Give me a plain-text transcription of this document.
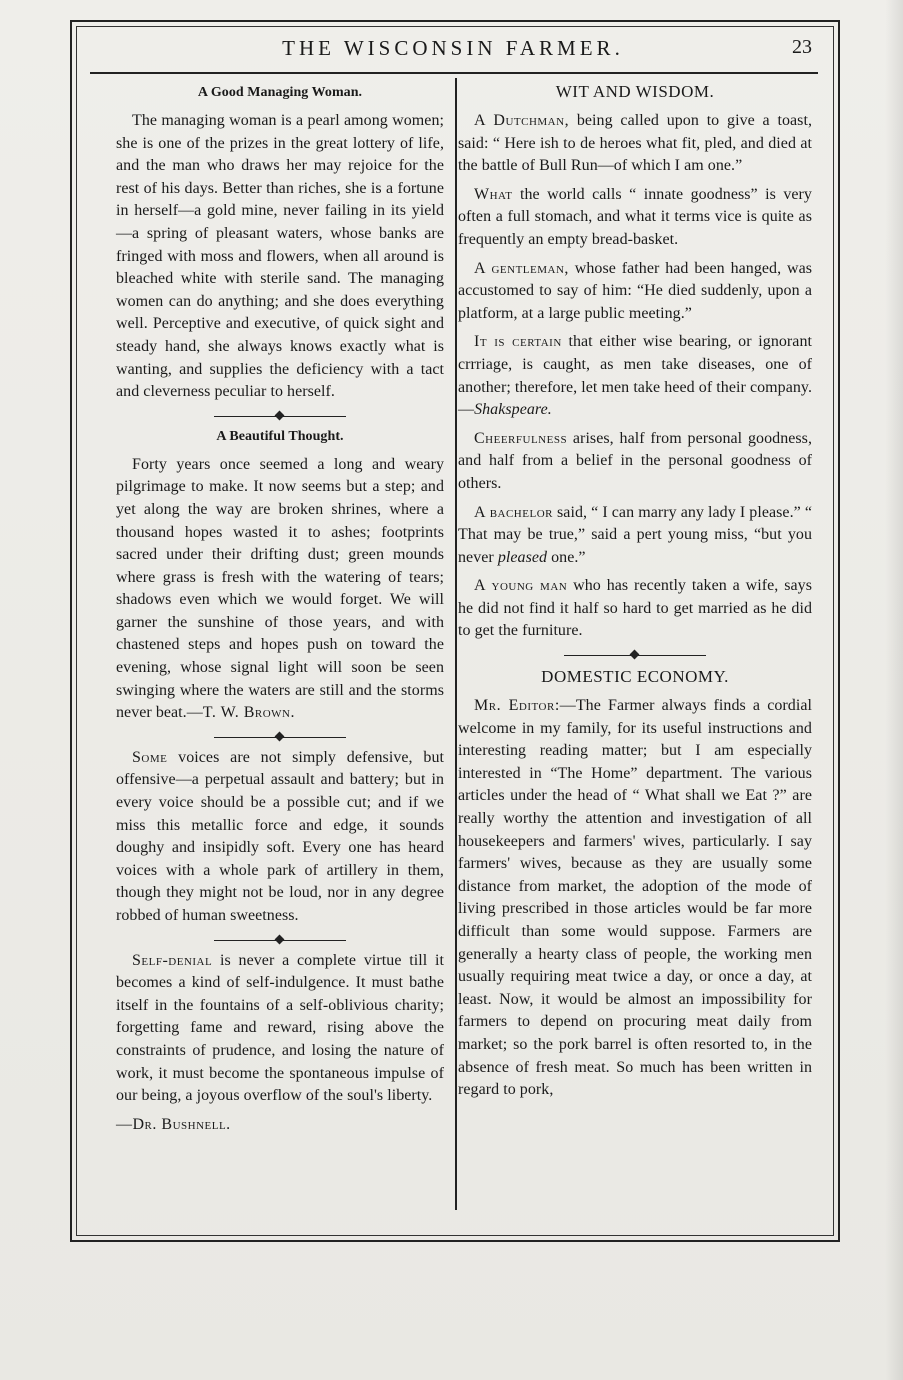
THE WISCONSIN FARMER.	23
A Good Managing Woman.

The managing woman is a pearl among women; she is one of the prizes in the great lottery of life, and the man who draws her may rejoice for the rest of his days. Better than riches, she is a fortune in herself—a gold mine, never failing in its yield—a spring of pleasant waters, whose banks are fringed with moss and flowers, when all around is bleached white with sterile sand. The managing women can do anything; and she does everything well. Perceptive and executive, of quick sight and steady hand, she always knows exactly what is wanting, and supplies the deficiency with a tact and cleverness peculiar to herself.

A Beautiful Thought.

Forty years once seemed a long and weary pilgrimage to make. It now seems but a step; and yet along the way are broken shrines, where a thousand hopes wasted it to ashes; footprints sacred under their drifting dust; green mounds where grass is fresh with the watering of tears; shadows even which we would forget. We will garner the sunshine of those years, and with chastened steps and hopes push on toward the evening, whose signal light will soon be seen swinging where the waters are still and the storms never beat.—T. W. Brown.

Some voices are not simply defensive, but offensive—a perpetual assault and battery; but in every voice should be a possible cut; and if we miss this metallic force and edge, it sounds doughy and insipidly soft. Every one has heard voices with a whole park of artillery in them, though they might not be loud, nor in any degree robbed of human sweetness.

Self-denial is never a complete virtue till it becomes a kind of self-indulgence. It must bathe itself in the fountains of a self-oblivious charity; forgetting fame and reward, rising above the constraints of prudence, and losing the nature of work, it must become the spontaneous impulse of our being, a joyous overflow of the soul's liberty.

—Dr. Bushnell.

WIT AND WISDOM.

A Dutchman, being called upon to give a toast, said: “ Here ish to de heroes what fit, pled, and died at the battle of Bull Run—of which I am one.”

What the world calls “ innate goodness” is very often a full stomach, and what it terms vice is quite as frequently an empty bread-basket.

A gentleman, whose father had been hanged, was accustomed to say of him: “He died suddenly, upon a platform, at a large public meeting.”

It is certain that either wise bearing, or ignorant crrriage, is caught, as men take diseases, one of another; therefore, let men take heed of their company.—Shakspeare.

Cheerfulness arises, half from personal goodness, and half from a belief in the personal goodness of others.

A bachelor said, “ I can marry any lady I please.” “ That may be true,” said a pert young miss, “but you never pleased one.”

A young man who has recently taken a wife, says he did not find it half so hard to get married as he did to get the furniture.

DOMESTIC ECONOMY.

Mr. Editor:—The Farmer always finds a cordial welcome in my family, for its useful instructions and interesting reading matter; but I am especially interested in “The Home” department. The various articles under the head of “ What shall we Eat ?” are really worthy the attention and investigation of all housekeepers and farmers' wives, particularly. I say farmers' wives, because as they are usually some distance from market, the adoption of the mode of living prescribed in those articles would be far more difficult than some would suppose. Farmers are generally a hearty class of people, the working men usually requiring meat twice a day, or once a day, at least. Now, it would be almost an impossibility for farmers to depend on procuring meat daily from market; so the pork barrel is often resorted to, in the absence of fresh meat. So much has been written in regard to pork,
